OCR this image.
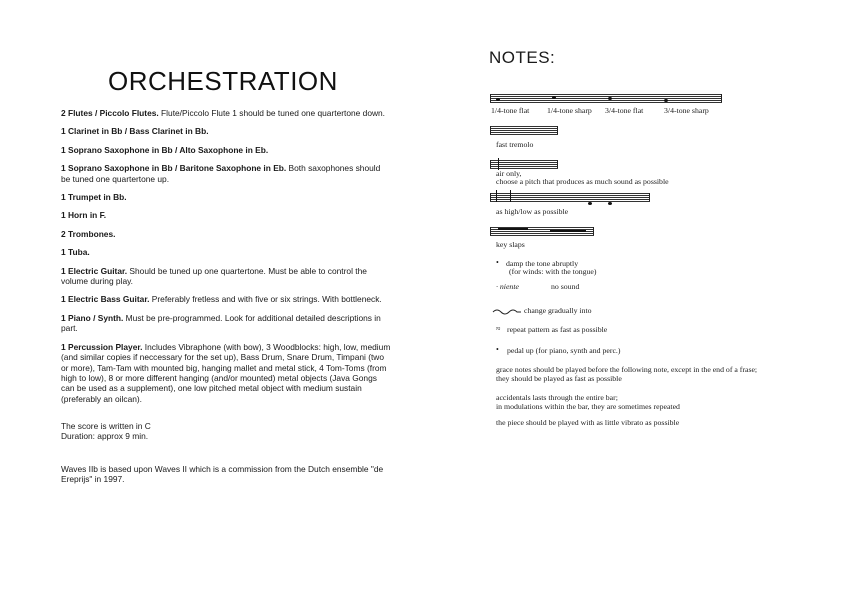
ORCHESTRATION
2 Flutes / Piccolo Flutes. Flute/Piccolo Flute 1 should be tuned one quartertone down.
1 Clarinet in Bb / Bass Clarinet in Bb.
1 Soprano Saxophone in Bb / Alto Saxophone in Eb.
1 Soprano Saxophone in Bb / Baritone Saxophone in Eb. Both saxophones should be tuned one quartertone up.
1 Trumpet in Bb.
1 Horn in F.
2 Trombones.
1 Tuba.
1 Electric Guitar. Should be tuned up one quartertone. Must be able to control the volume during play.
1 Electric Bass Guitar. Preferably fretless and with five or six strings. With bottleneck.
1 Piano / Synth. Must be pre-programmed. Look for additional detailed descriptions in part.
1 Percussion Player. Includes Vibraphone (with bow), 3 Woodblocks: high, low, medium (and similar copies if neccessary for the set up), Bass Drum, Snare Drum, Timpani (two or more), Tam-Tam with mounted big, hanging mallet and metal stick, 4 Tom-Toms (from high to low), 8 or more different hanging (and/or mounted) metal objects (Java Gongs can be used as a supplement), one low pitched metal object with medium sustain (preferably an oilcan).
The score is written in C
Duration: approx 9 min.
Waves IIb is based upon Waves II which is a commission from the Dutch ensemble "de Ereprijs" in 1997.
NOTES:
1/4-tone flat 1/4-tone sharp 3/4-tone flat	3/4-tone sharp
fast tremolo
air only,
choose a pitch that produces as much sound as possible
as high/low as possible
key slaps
• damp the tone abruptly
(for winds: with the tongue)
∙ niente	no sound
change gradually into
≈ repeat pattern as fast as possible
• pedal up (for piano, synth and perc.)
grace notes should be played before the following note, except in the end of a frase;
they should be played as fast as possible
accidentals lasts through the entire bar;
in modulations within the bar, they are sometimes repeated
the piece should be played with as little vibrato as possible
